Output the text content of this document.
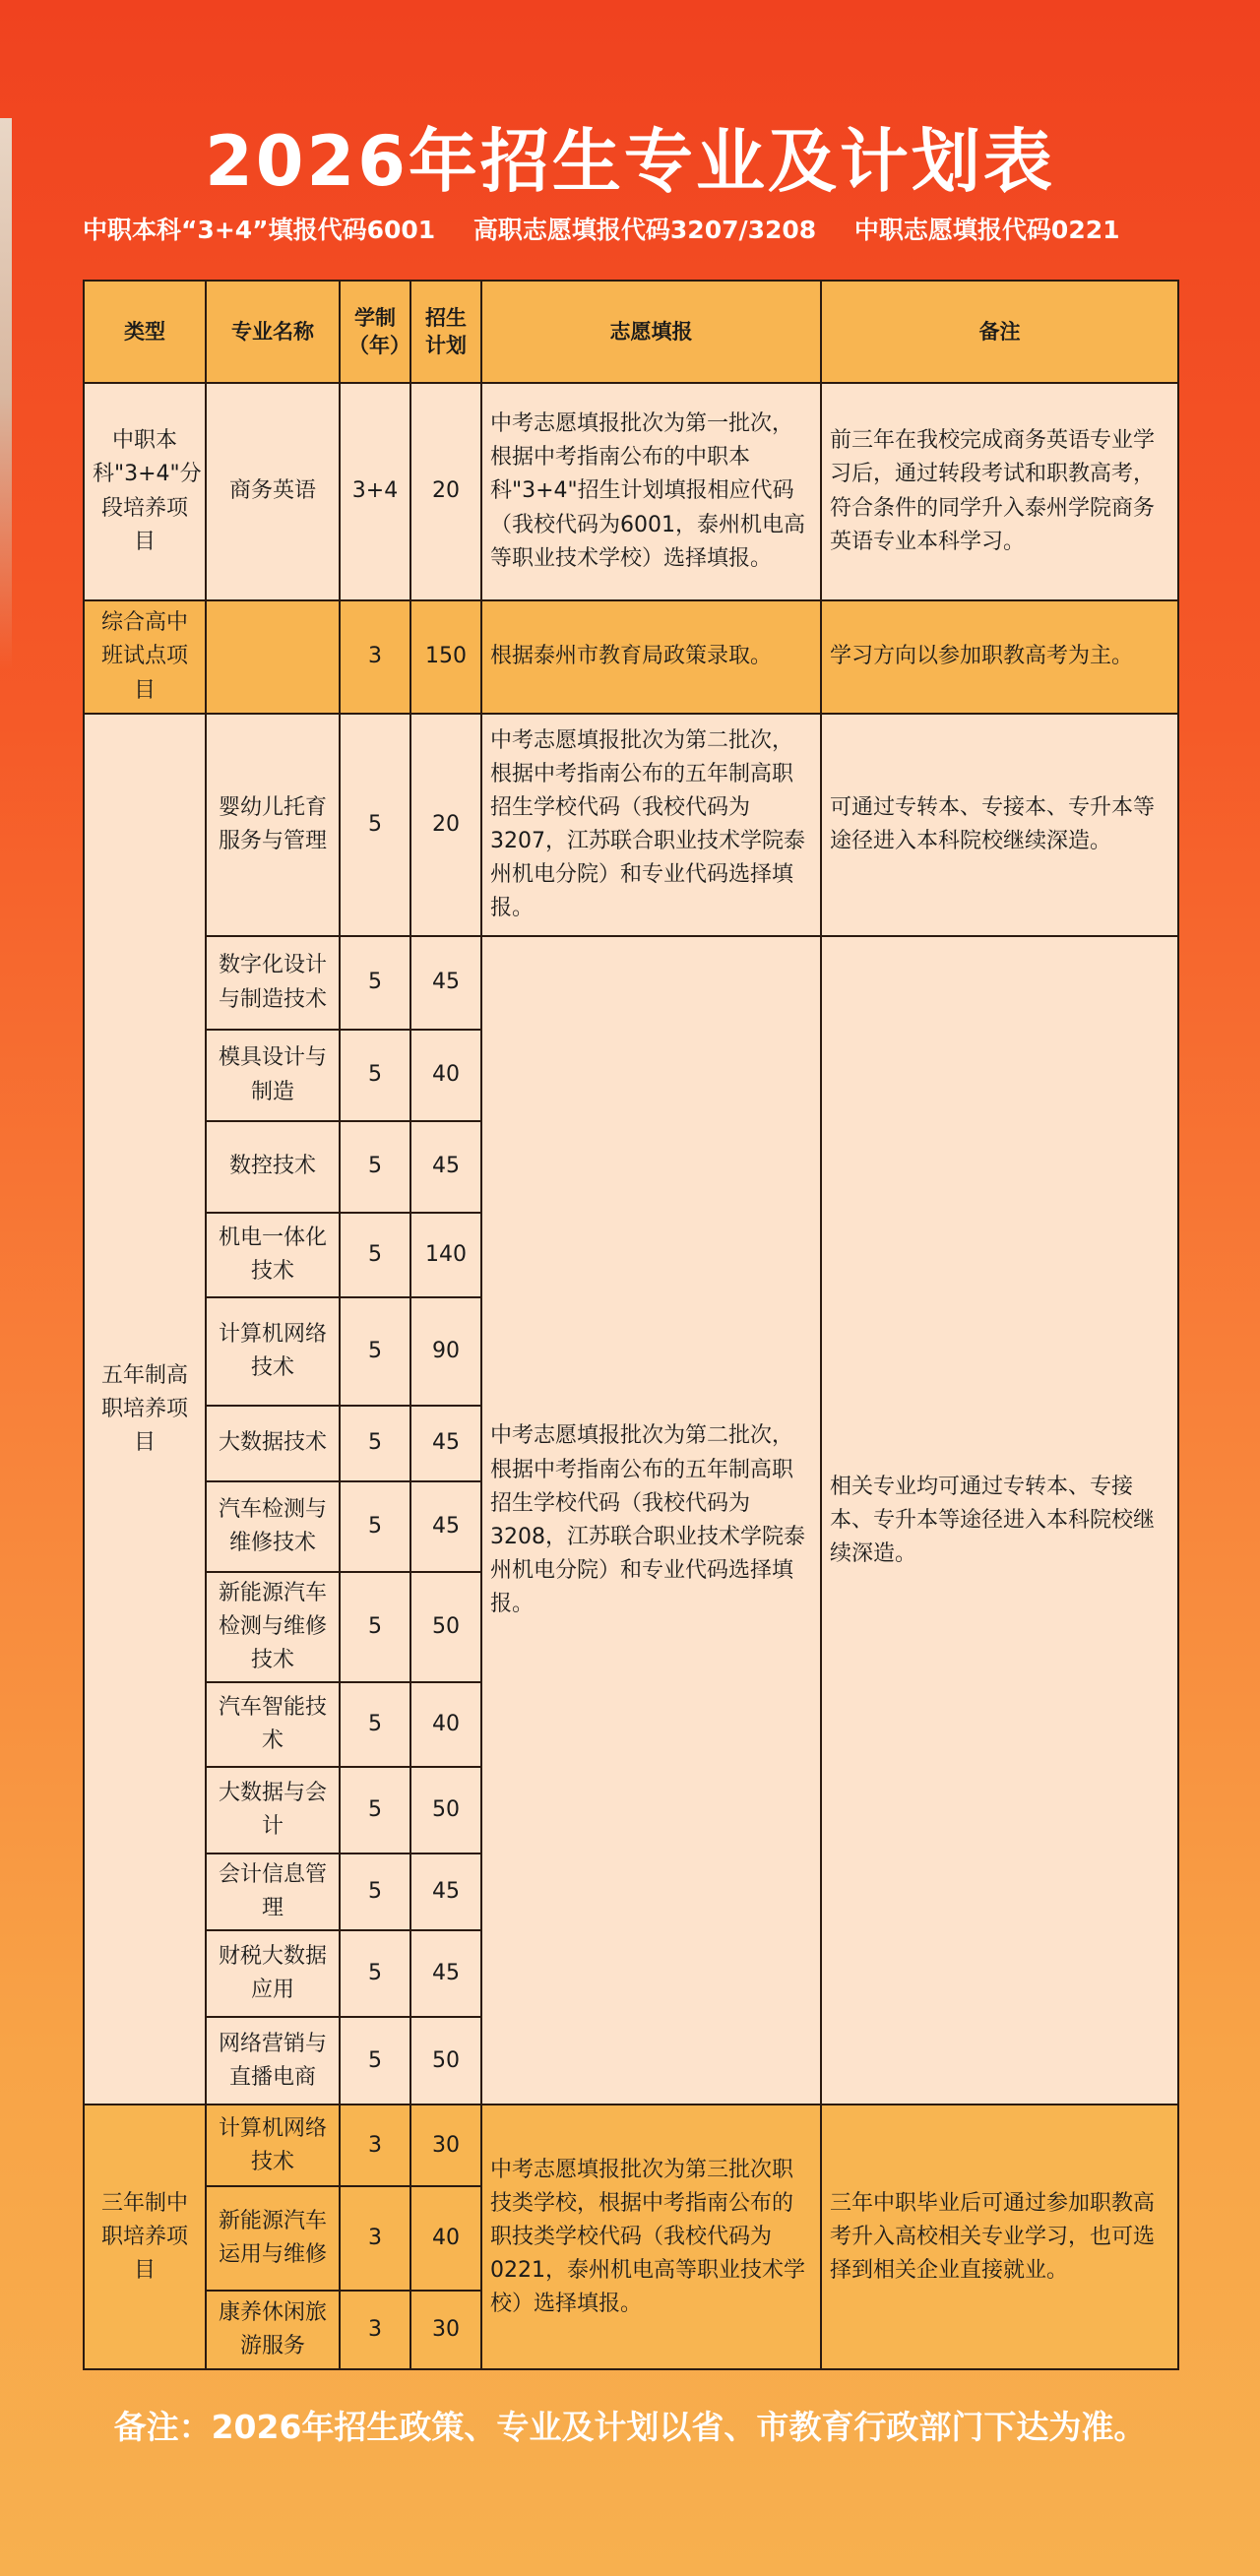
2026年招生专业及计划表
中职本科“3+4”填报代码6001 高职志愿填报代码3207/3208 中职志愿填报代码0221
类型	专业名称	学制（年）	招生计划	志愿填报	备注
中职本科"3+4"分段培养项目	商务英语	3+4	20	中考志愿填报批次为第一批次，根据中考指南公布的中职本科"3+4"招生计划填报相应代码（我校代码为6001，泰州机电高等职业技术学校）选择填报。	前三年在我校完成商务英语专业学习后，通过转段考试和职教高考，符合条件的同学升入泰州学院商务英语专业本科学习。
综合高中班试点项目		3	150	根据泰州市教育局政策录取。	学习方向以参加职教高考为主。
五年制高职培养项目	婴幼儿托育服务与管理	5	20	中考志愿填报批次为第二批次，根据中考指南公布的五年制高职招生学校代码（我校代码为3207，江苏联合职业技术学院泰州机电分院）和专业代码选择填报。	可通过专转本、专接本、专升本等途径进入本科院校继续深造。
	数字化设计与制造技术	5	45	中考志愿填报批次为第二批次，根据中考指南公布的五年制高职招生学校代码（我校代码为3208，江苏联合职业技术学院泰州机电分院）和专业代码选择填报。	相关专业均可通过专转本、专接本、专升本等途径进入本科院校继续深造。
	模具设计与制造	5	40		
	数控技术	5	45		
	机电一体化技术	5	140		
	计算机网络技术	5	90		
	大数据技术	5	45		
	汽车检测与维修技术	5	45		
	新能源汽车检测与维修技术	5	50		
	汽车智能技术	5	40		
	大数据与会计	5	50		
	会计信息管理	5	45		
	财税大数据应用	5	45		
	网络营销与直播电商	5	50		
三年制中职培养项目	计算机网络技术	3	30	中考志愿填报批次为第三批次职技类学校，根据中考指南公布的职技类学校代码（我校代码为0221，泰州机电高等职业技术学校）选择填报。	三年中职毕业后可通过参加职教高考升入高校相关专业学习，也可选择到相关企业直接就业。
	新能源汽车运用与维修	3	40		
	康养休闲旅游服务	3	30		
备注：2026年招生政策、专业及计划以省、市教育行政部门下达为准。
